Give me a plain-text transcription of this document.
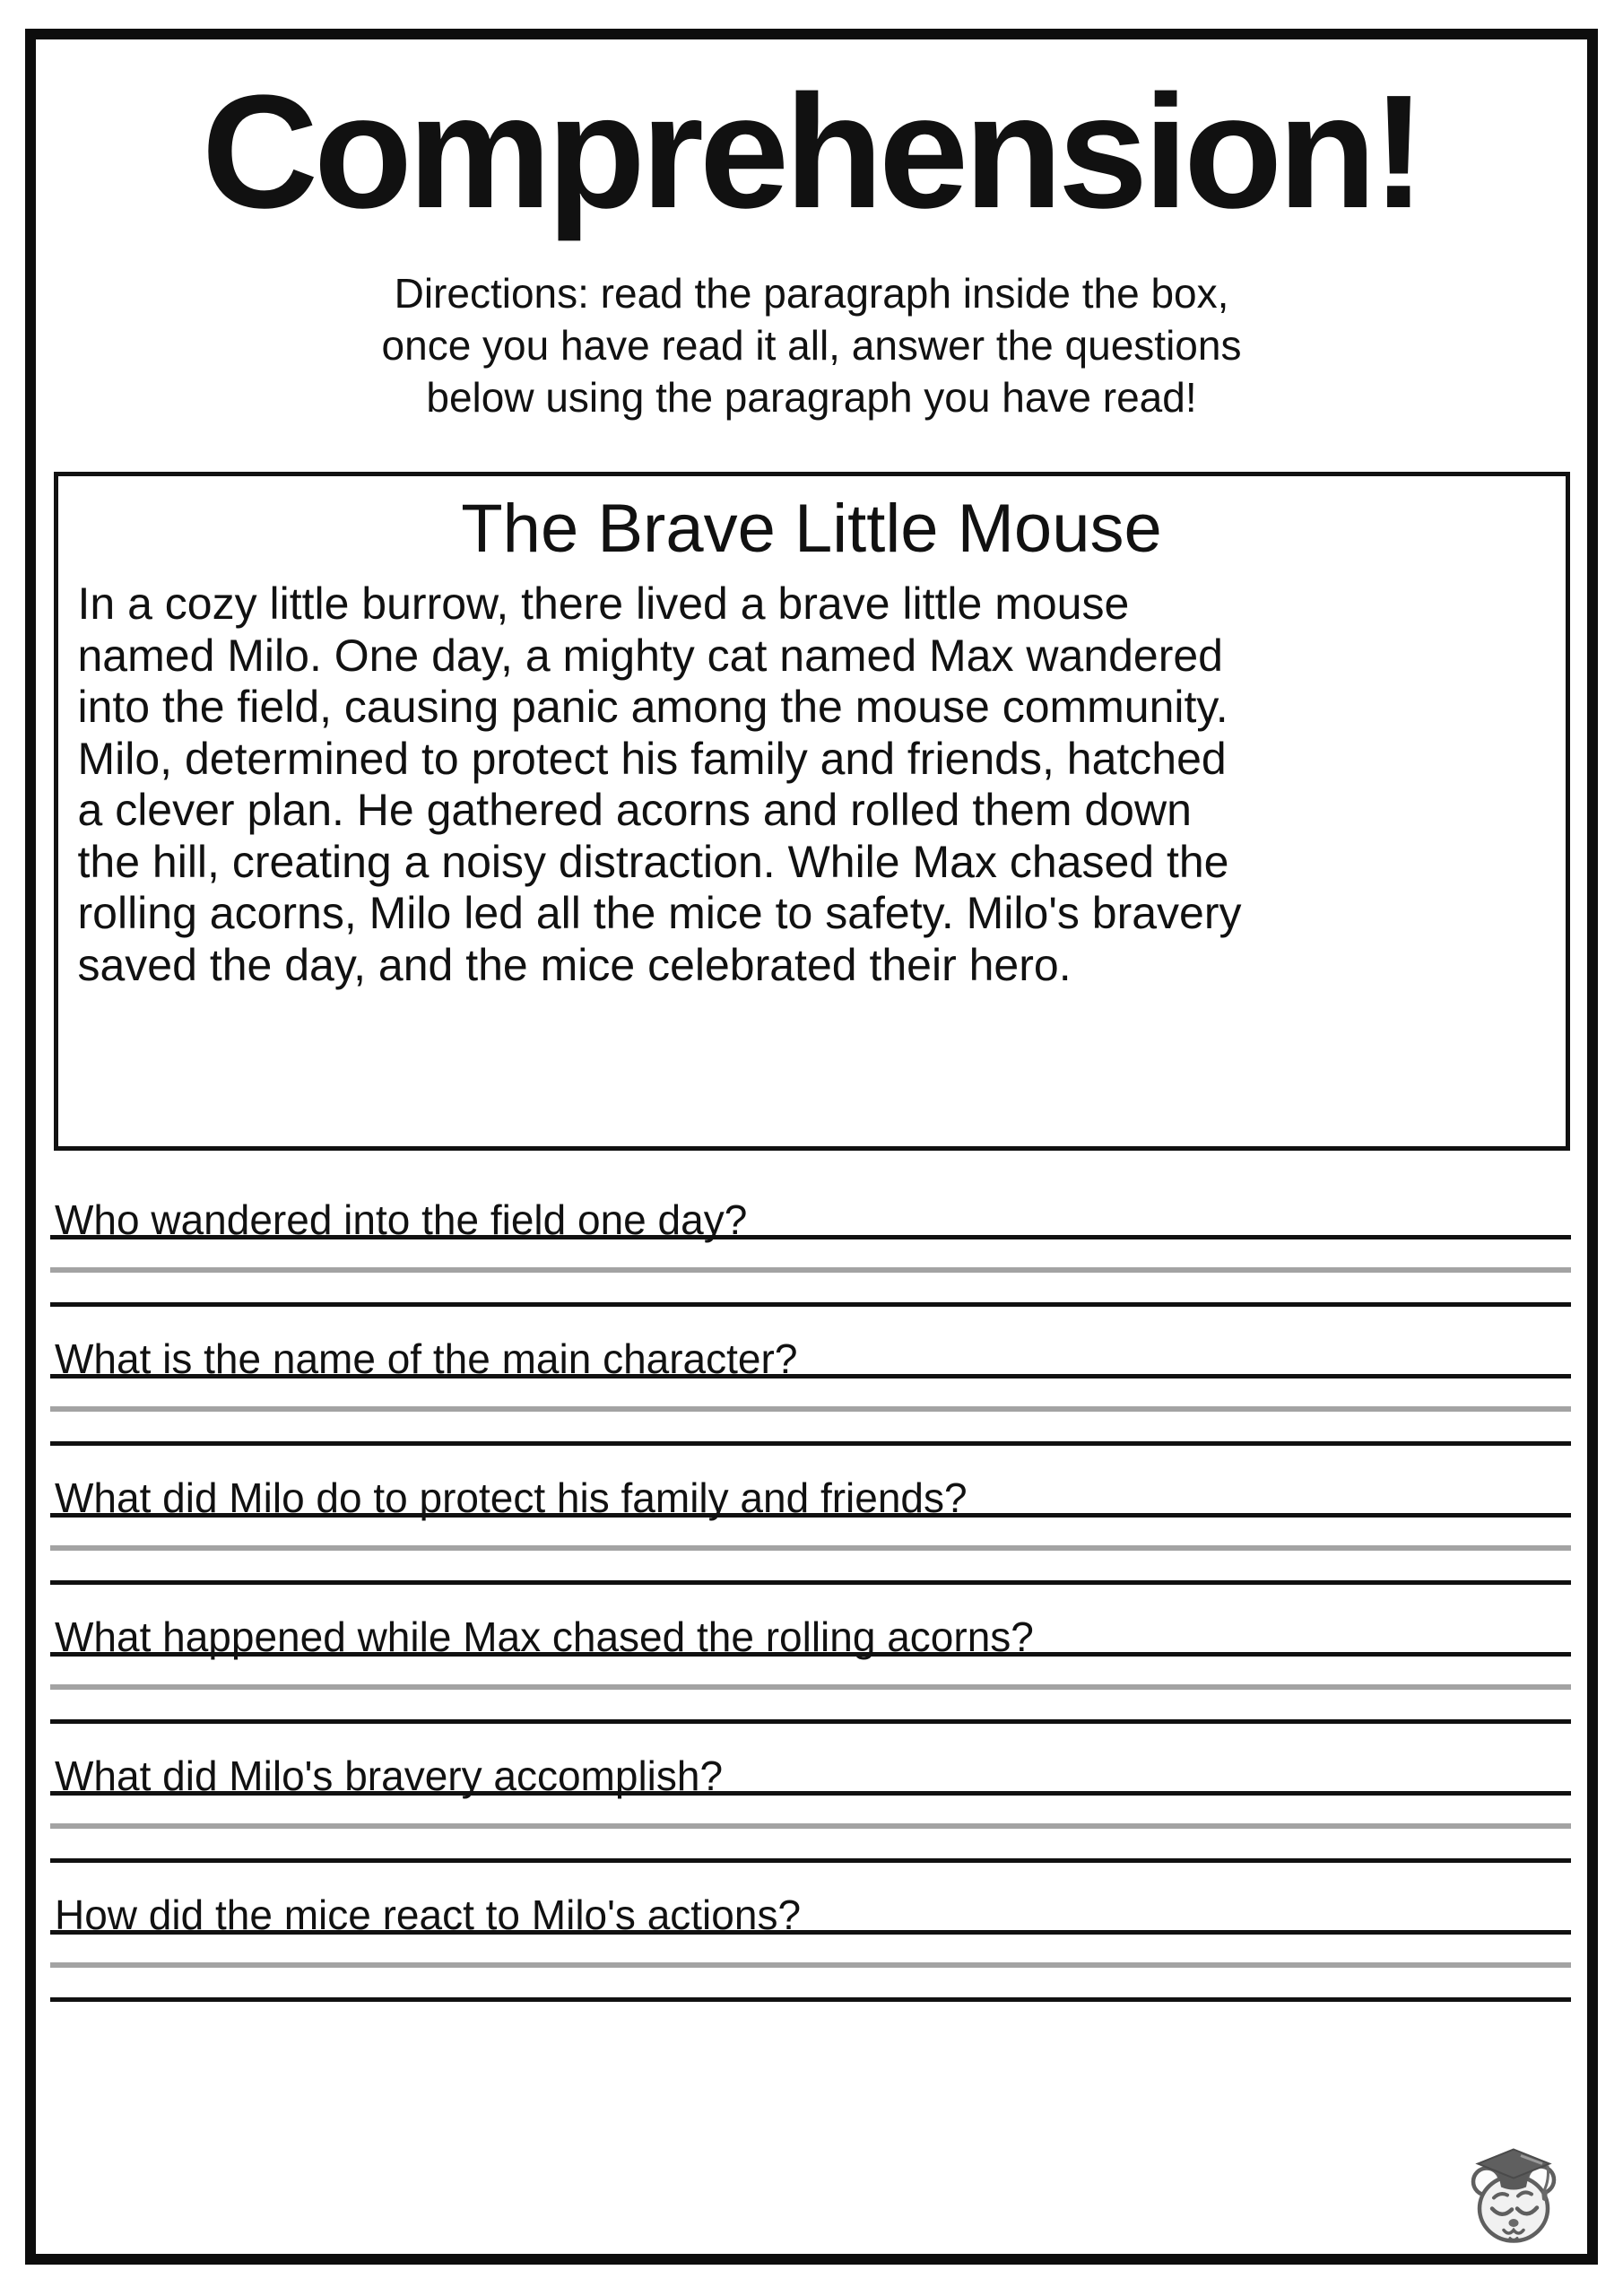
Comprehension!
Directions: read the paragraph inside the box,
once you have read it all, answer the questions
below using the paragraph you have read!
The Brave Little Mouse
In a cozy little burrow, there lived a brave little mouse
named Milo. One day, a mighty cat named Max wandered
into the field, causing panic among the mouse community.
Milo, determined to protect his family and friends, hatched
a clever plan. He gathered acorns and rolled them down
the hill, creating a noisy distraction. While Max chased the
rolling acorns, Milo led all the mice to safety. Milo's bravery
saved the day, and the mice celebrated their hero.
Who wandered into the field one day?
What is the name of the main character?
What did Milo do to protect his family and friends?
What happened while Max chased the rolling acorns?
What did Milo's bravery accomplish?
How did the mice react to Milo's actions?
